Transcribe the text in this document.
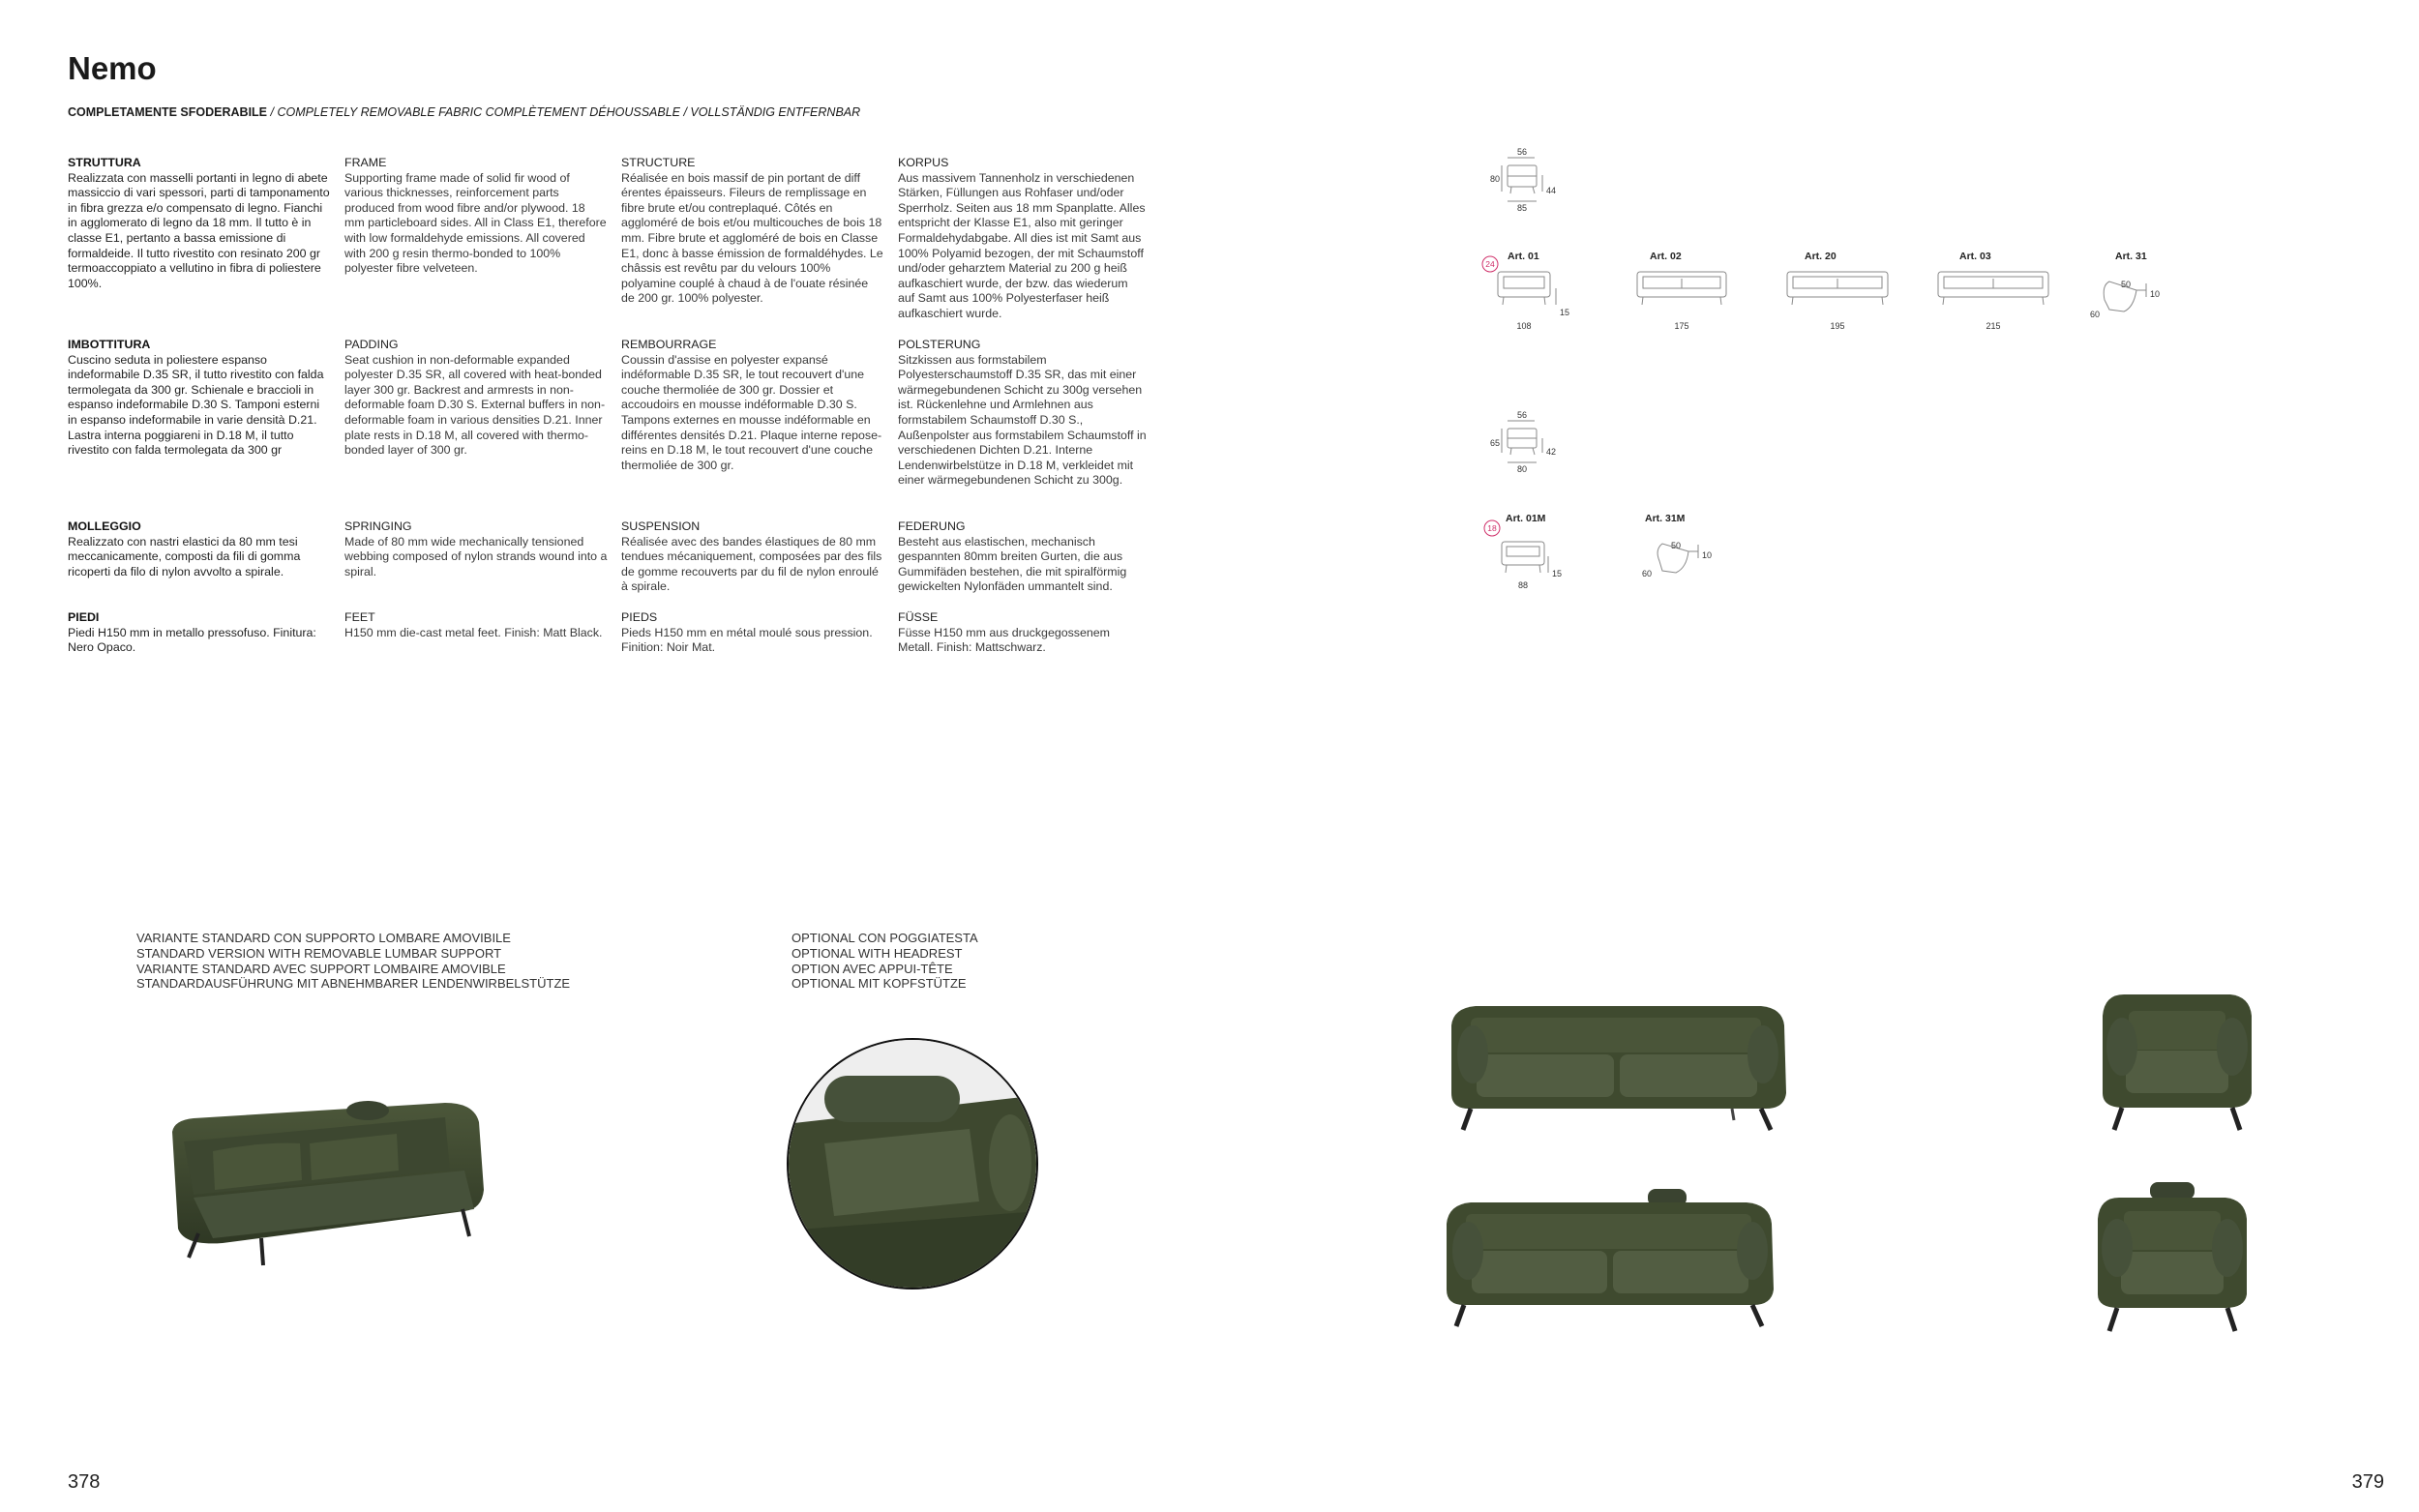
Nemo
COMPLETAMENTE SFODERABILE / COMPLETELY REMOVABLE FABRIC COMPLÈTEMENT DÉHOUSSABLE / VOLLSTÄNDIG ENTFERNBAR
STRUTTURA
Realizzata con masselli portanti in legno di abete massiccio di vari spessori, parti di tamponamento in fibra grezza e/o compensato di legno. Fianchi in agglomerato di legno da 18 mm. Il tutto è in classe E1, pertanto a bassa emissione di formaldeide. Il tutto rivestito con resinato 200 gr termoaccoppiato a vellutino in fibra di poliestere 100%.
FRAME
Supporting frame made of solid fir wood of various thicknesses, reinforcement parts produced from wood fibre and/or plywood. 18 mm particleboard sides. All in Class E1, therefore with low formaldehyde emissions. All covered with 200 g resin thermo-bonded to 100% polyester fibre velveteen.
STRUCTURE
Réalisée en bois massif de pin portant de diff érentes épaisseurs. Fileurs de remplissage en fibre brute et/ou contreplaqué. Côtés en aggloméré de bois et/ou multicouches de bois 18 mm. Fibre brute et aggloméré de bois en Classe E1, donc à basse émission de formaldéhydes. Le châssis est revêtu par du velours 100% polyamine couplé à chaud à de l'ouate résinée de 200 gr. 100% polyester.
KORPUS
Aus massivem Tannenholz in verschiedenen Stärken, Füllungen aus Rohfaser und/oder Sperrholz. Seiten aus 18 mm Spanplatte. Alles entspricht der Klasse E1, also mit geringer Formaldehydabgabe. All dies ist mit Samt aus 100% Polyamid bezogen, der mit Schaumstoff und/oder geharztem Material zu 200 g heiß aufkaschiert wurde, der bzw. das wiederum auf Samt aus 100% Polyesterfaser heiß aufkaschiert wurde.
IMBOTTITURA
Cuscino seduta in poliestere espanso indeformabile D.35 SR, il tutto rivestito con falda termolegata da 300 gr. Schienale e braccioli in espanso indeformabile D.30 S. Tamponi esterni in espanso indeformabile in varie densità D.21. Lastra interna poggiareni in D.18 M, il tutto rivestito con falda termolegata da 300 gr
PADDING
Seat cushion in non-deformable expanded polyester D.35 SR, all covered with heat-bonded layer 300 gr. Backrest and armrests in non-deformable foam D.30 S. External buffers in non-deformable foam in various densities D.21. Inner plate rests in D.18 M, all covered with thermo-bonded layer of 300 gr.
REMBOURRAGE
Coussin d'assise en polyester expansé indéformable D.35 SR, le tout recouvert d'une couche thermoliée de 300 gr. Dossier et accoudoirs en mousse indéformable D.30 S. Tampons externes en mousse indéformable en différentes densités D.21. Plaque interne repose-reins en D.18 M, le tout recouvert d'une couche thermoliée de 300 gr.
POLSTERUNG
Sitzkissen aus formstabilem Polyesterschaumstoff D.35 SR, das mit einer wärmegebundenen Schicht zu 300g versehen ist. Rückenlehne und Armlehnen aus formstabilem Schaumstoff D.30 S., Außenpolster aus formstabilem Schaumstoff in verschiedenen Dichten D.21. Interne Lendenwirbelstütze in D.18 M, verkleidet mit einer wärmegebundenen Schicht zu 300g.
MOLLEGGIO
Realizzato con nastri elastici da 80 mm tesi meccanicamente, composti da fili di gomma ricoperti da filo di nylon avvolto a spirale.
SPRINGING
Made of 80 mm wide mechanically tensioned webbing composed of nylon strands wound into a spiral.
SUSPENSION
Réalisée avec des bandes élastiques de 80 mm tendues mécaniquement, composées par des fils de gomme recouverts par du fil de nylon enroulé à spirale.
FEDERUNG
Besteht aus elastischen, mechanisch gespannten 80mm breiten Gurten, die aus Gummifäden bestehen, die mit spiralförmig gewickelten Nylonfäden ummantelt sind.
PIEDI
Piedi H150 mm in metallo pressofuso. Finitura: Nero Opaco.
FEET
H150 mm die-cast metal feet. Finish: Matt Black.
PIEDS
Pieds H150 mm en métal moulé sous pression. Finition: Noir Mat.
FÜSSE
Füsse H150 mm aus druckgegossenem Metall. Finish: Mattschwarz.
56
80
44
85
24
Art. 01
108
15
Art. 02
175
Art. 20
195
Art. 03
215
Art. 31
50
60
10
56
65
42
80
18
Art. 01M
88
15
Art. 31M
50
60
10
VARIANTE STANDARD CON SUPPORTO LOMBARE AMOVIBILE
STANDARD VERSION WITH REMOVABLE LUMBAR SUPPORT
VARIANTE STANDARD AVEC SUPPORT LOMBAIRE AMOVIBLE
STANDARDAUSFÜHRUNG MIT ABNEHMBARER LENDENWIRBELSTÜTZE
OPTIONAL CON POGGIATESTA
OPTIONAL WITH HEADREST
OPTION AVEC APPUI-TÊTE
OPTIONAL MIT KOPFSTÜTZE
378	379
